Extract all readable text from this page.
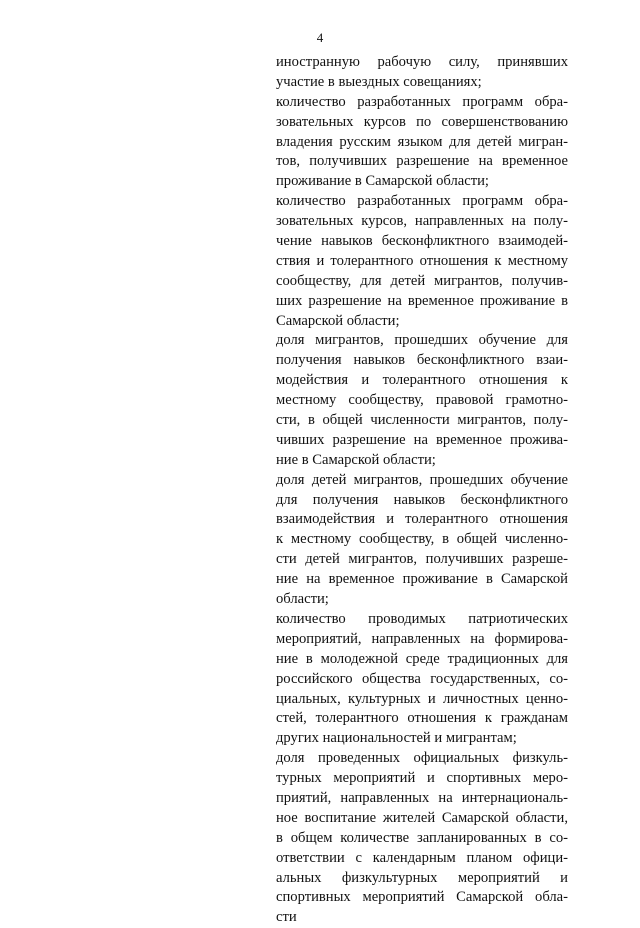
4
иностранную рабочую силу, принявших
участие в выездных совещаниях;
количество разработанных программ обра-
зовательных курсов по совершенствованию
владения русским языком для детей мигран-
тов, получивших разрешение на временное
проживание в Самарской области;
количество разработанных программ обра-
зовательных курсов, направленных на полу-
чение навыков бесконфликтного взаимодей-
ствия и толерантного отношения к местному
сообществу, для детей мигрантов, получив-
ших разрешение на временное проживание в
Самарской области;
доля мигрантов, прошедших обучение для
получения навыков бесконфликтного взаи-
модействия и толерантного отношения к
местному сообществу, правовой грамотно-
сти, в общей численности мигрантов, полу-
чивших разрешение на временное прожива-
ние в Самарской области;
доля детей мигрантов, прошедших обучение
для получения навыков бесконфликтного
взаимодействия и толерантного отношения
к местному сообществу, в общей численно-
сти детей мигрантов, получивших разреше-
ние на временное проживание в Самарской
области;
количество проводимых патриотических
мероприятий, направленных на формирова-
ние в молодежной среде традиционных для
российского общества государственных, со-
циальных, культурных и личностных ценно-
стей, толерантного отношения к гражданам
других национальностей и мигрантам;
доля проведенных официальных физкуль-
турных мероприятий и спортивных меро-
приятий, направленных на интернациональ-
ное воспитание жителей Самарской области,
в общем количестве запланированных в со-
ответствии с календарным планом офици-
альных физкультурных мероприятий и
спортивных мероприятий Самарской обла-
сти
